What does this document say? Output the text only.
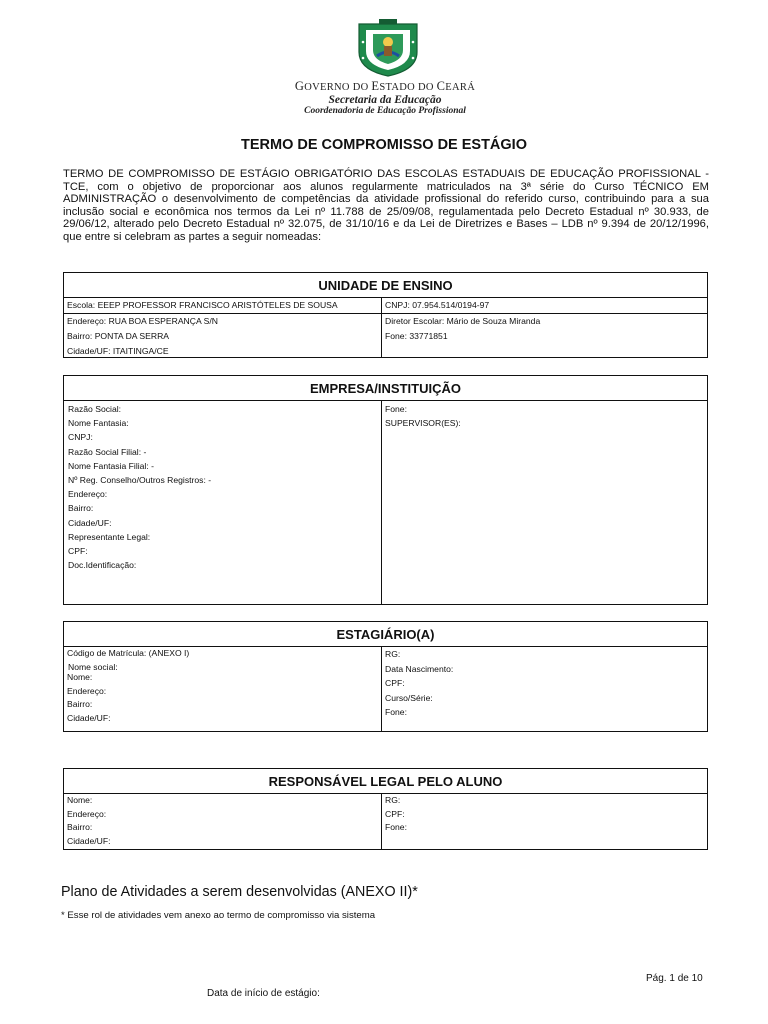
GOVERNO DO ESTADO DO CEARÁ
Secretaria da Educação
Coordenadoria de Educação Profissional
TERMO DE COMPROMISSO DE ESTÁGIO

TERMO DE COMPROMISSO DE ESTÁGIO OBRIGATÓRIO DAS ESCOLAS ESTADUAIS DE EDUCAÇÃO PROFISSIONAL - TCE, com o objetivo de proporcionar aos alunos regularmente matriculados na 3ª série do Curso TÉCNICO EM ADMINISTRAÇÃO o desenvolvimento de competências da atividade profissional do referido curso, contribuindo para a sua inclusão social e econômica nos termos da Lei nº 11.788 de 25/09/08, regulamentada pelo Decreto Estadual nº 30.933, de 29/06/12, alterado pelo Decreto Estadual nº 32.075, de 31/10/16 e da Lei de Diretrizes e Bases – LDB nº 9.394 de 20/12/1996, que entre si celebram as partes a seguir nomeadas:

UNIDADE DE ENSINO
Escola: EEEP PROFESSOR FRANCISCO ARISTÓTELES DE SOUSA
Endereço: RUA BOA ESPERANÇA S/N
Bairro: PONTA DA SERRA
Cidade/UF: ITAITINGA/CE
CNPJ: 07.954.514/0194-97
Diretor Escolar: Mário de Souza Miranda
Fone: 33771851
EMPRESA/INSTITUIÇÃO
Razão Social:
Nome Fantasia:
CNPJ:
Razão Social Filial: -
Nome Fantasia Filial: -
Nº Reg. Conselho/Outros Registros: -
Endereço:
Bairro:
Cidade/UF:
Representante Legal:
CPF:
Doc.Identificação:
Fone:
SUPERVISOR(ES):
ESTAGIÁRIO(A)
Código de Matrícula: (ANEXO I)
Nome social:
Nome:
Endereço:
Bairro:
Cidade/UF:
RG:
Data Nascimento:
CPF:
Curso/Série:
Fone:
RESPONSÁVEL LEGAL PELO ALUNO
Nome:
Endereço:
Bairro:
Cidade/UF:
RG:
CPF:
Fone:
Plano de Atividades a serem desenvolvidas (ANEXO II)*
* Esse rol de atividades vem anexo ao termo de compromisso via sistema
Pág. 1 de 10
Data de início de estágio:
